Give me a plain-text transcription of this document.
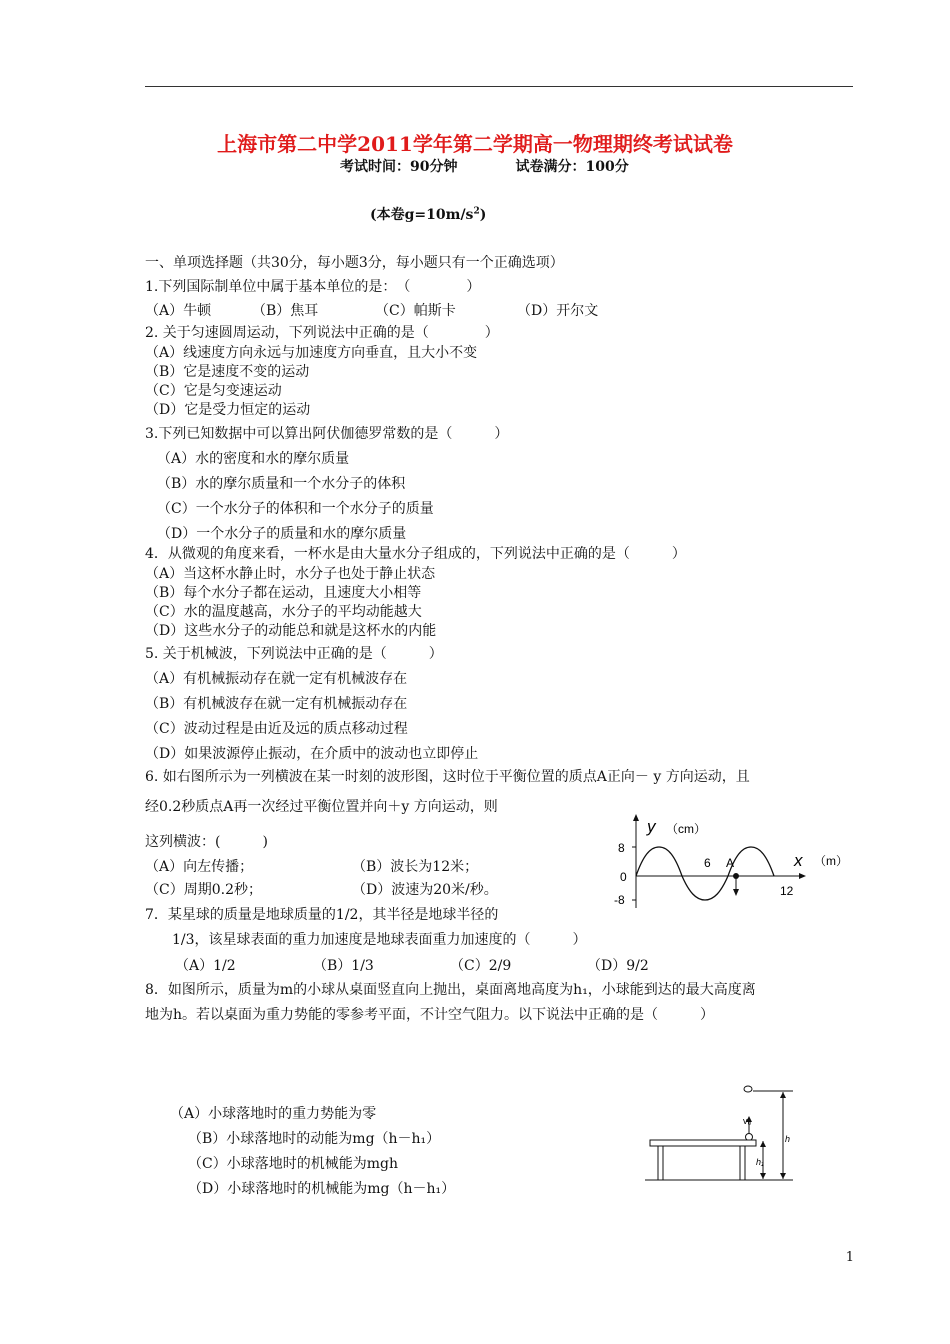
上海市第二中学2011学年第二学期高一物理期终考试试卷
考试时间：90分钟	试卷满分：100分
(本卷$g=10m/s^2$)
一、单项选择题（共30分，每小题3分，每小题只有一个正确选项）
1.下列国际制单位中属于基本单位的是：　（　　　　）
（A）牛顿	（B）焦耳	（C）帕斯卡	（D）开尔文
2. 关于匀速圆周运动，下列说法中正确的是（　　　　）
（A）线速度方向永远与加速度方向垂直，且大小不变
（B）它是速度不变的运动
（C）它是匀变速运动
（D）它是受力恒定的运动
3.下列已知数据中可以算出阿伏伽德罗常数的是（　　　）
（A）水的密度和水的摩尔质量
（B）水的摩尔质量和一个水分子的体积
（C）一个水分子的体积和一个水分子的质量
（D）一个水分子的质量和水的摩尔质量
4．从微观的角度来看，一杯水是由大量水分子组成的，下列说法中正确的是（　　　）
（A）当这杯水静止时，水分子也处于静止状态
（B）每个水分子都在运动，且速度大小相等
（C）水的温度越高，水分子的平均动能越大
（D）这些水分子的动能总和就是这杯水的内能
5. 关于机械波，下列说法中正确的是（　　　）
（A）有机械振动存在就一定有机械波存在
（B）有机械波存在就一定有机械振动存在
（C）波动过程是由近及远的质点移动过程
（D）如果波源停止振动，在介质中的波动也立即停止
6. 如右图所示为一列横波在某一时刻的波形图，这时位于平衡位置的质点A正向－ y 方向运动，且
经0.2秒质点A再一次经过平衡位置并向＋y 方向运动，则
这列横波：(　　　)
（A）向左传播；	（B）波长为12米；
（C）周期0.2秒；	（D）波速为20米/秒。
y （cm）
x （m）
8
0
-8
6 A
12
7．某星球的质量是地球质量的1/2，其半径是地球半径的
1/3，该星球表面的重力加速度是地球表面重力加速度的（　　　）
（A）1/2	（B）1/3	（C）2/9	（D）9/2
8．如图所示，质量为m的小球从桌面竖直向上抛出，桌面离地高度为h₁，小球能到达的最大高度离
地为h。若以桌面为重力势能的零参考平面，不计空气阻力。以下说法中正确的是（　　　）
（A）小球落地时的重力势能为零
（B）小球落地时的动能为mg（h－h₁）
（C）小球落地时的机械能为mgh
（D）小球落地时的机械能为mg（h－h₁）
v₀
h
h₁
1
